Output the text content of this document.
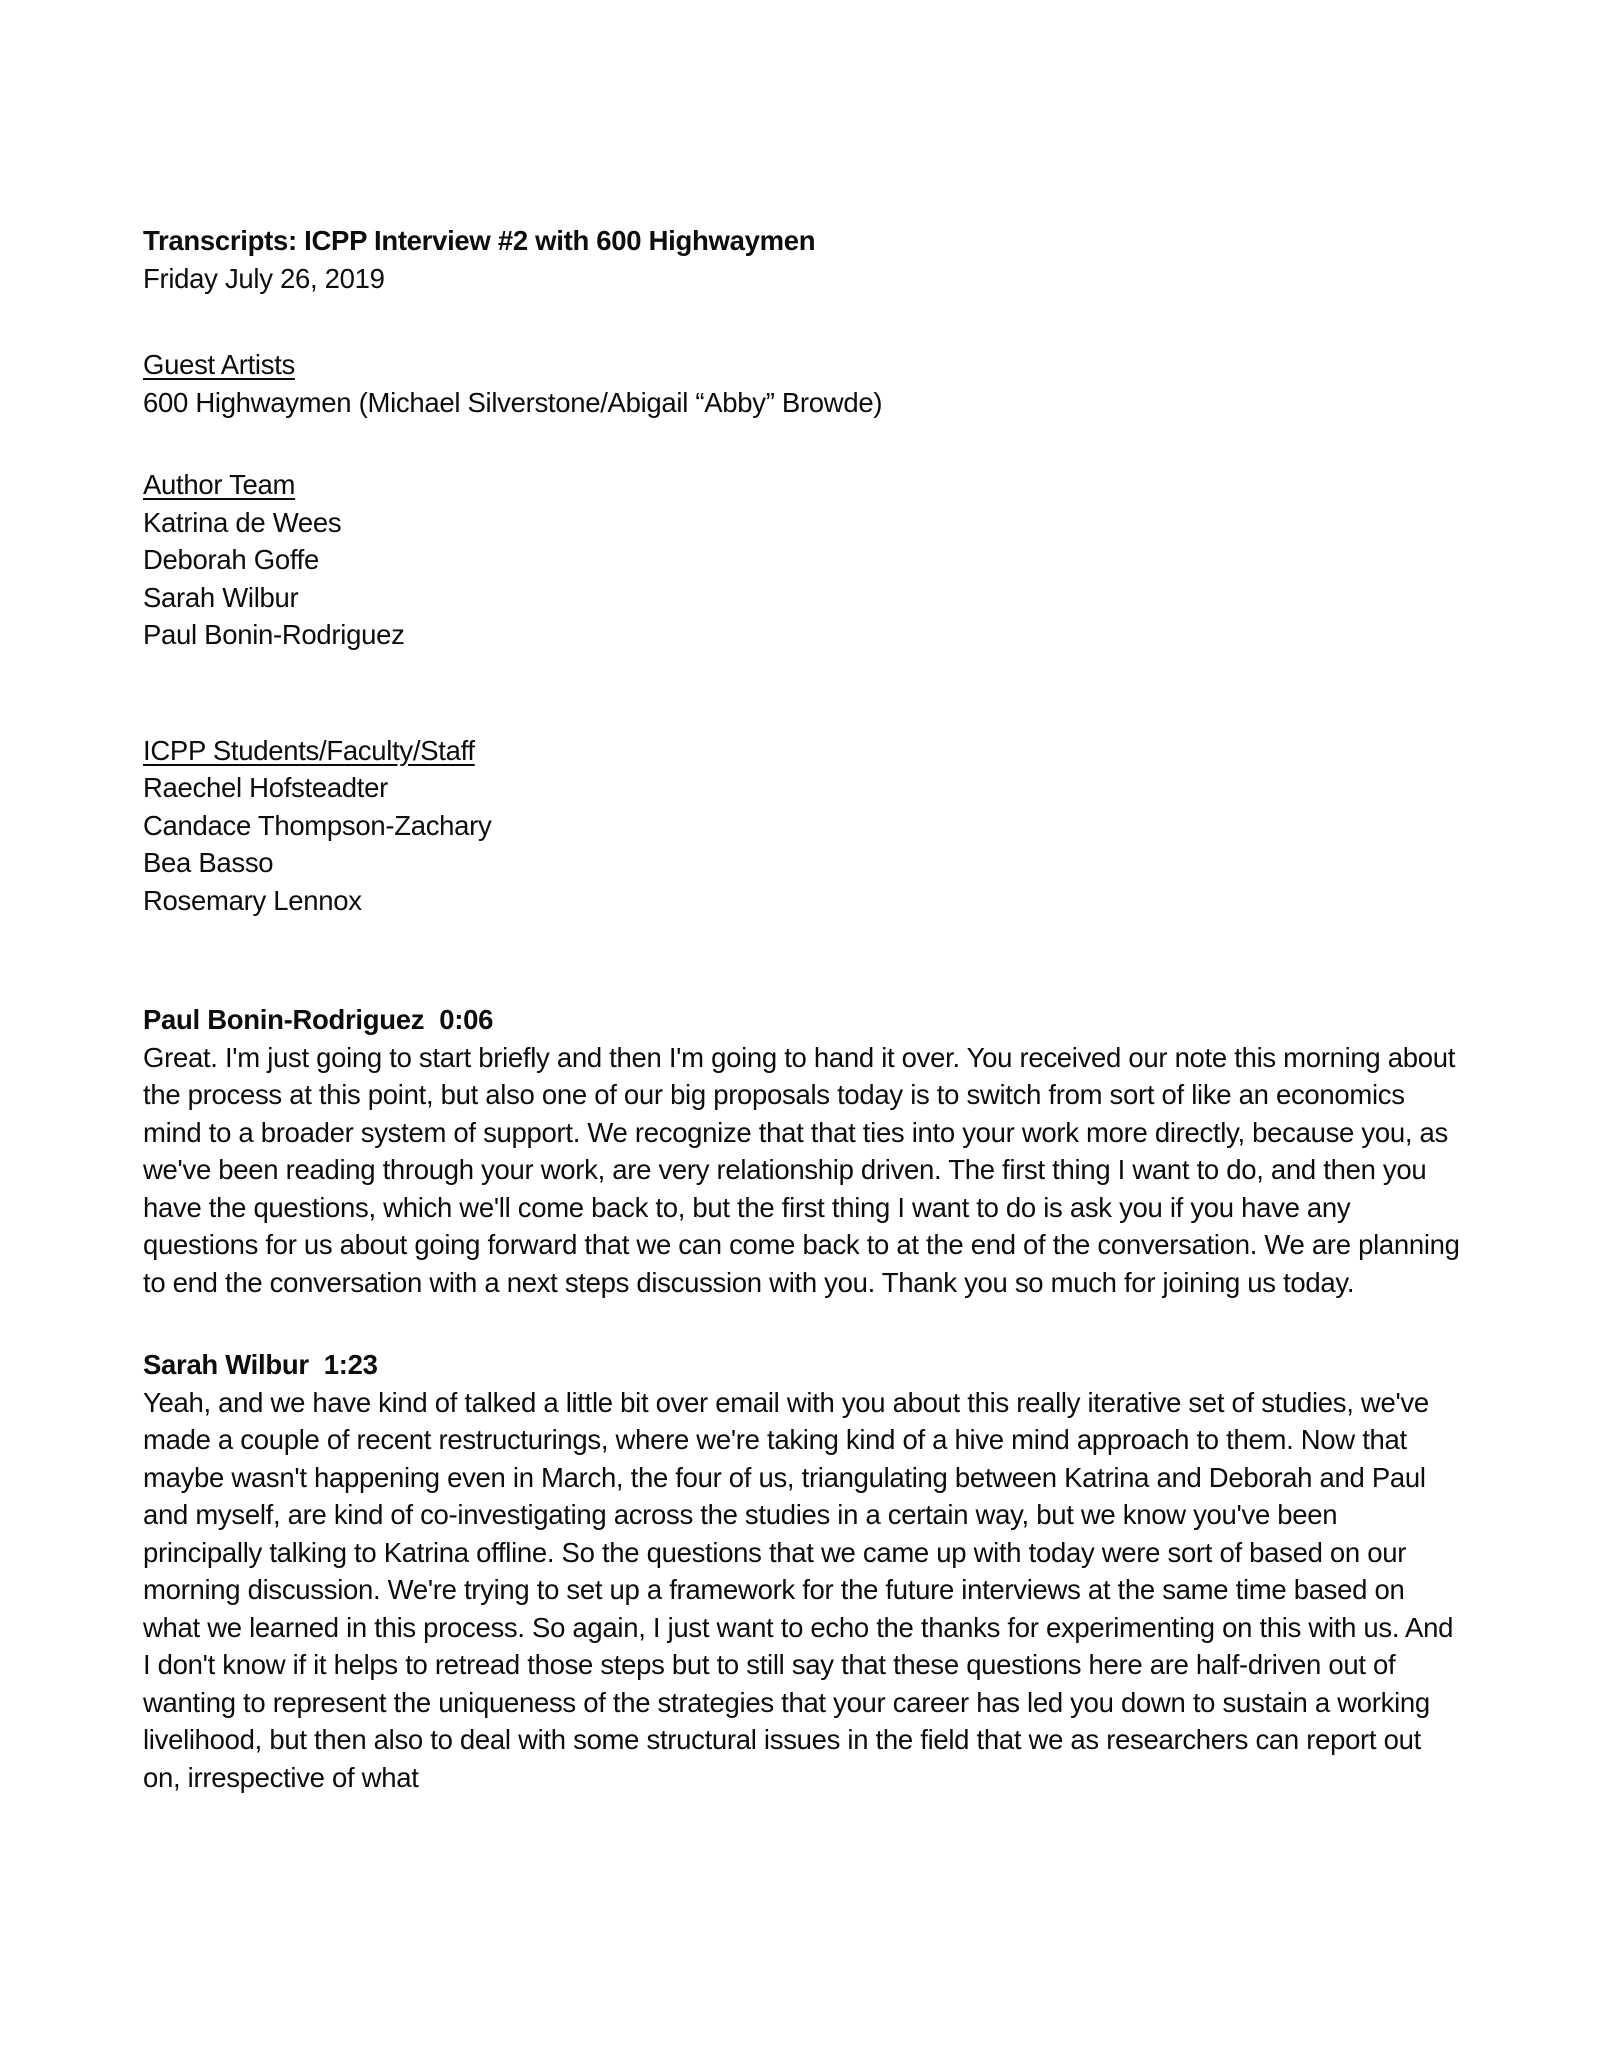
Transcripts: ICPP Interview #2 with 600 Highwaymen
Friday July 26, 2019
Guest Artists
600 Highwaymen (Michael Silverstone/Abigail “Abby” Browde)
Author Team
Katrina de Wees
Deborah Goffe
Sarah Wilbur
Paul Bonin-Rodriguez
ICPP Students/Faculty/Staff
Raechel Hofsteadter
Candace Thompson-Zachary
Bea Basso
Rosemary Lennox
Paul Bonin-Rodriguez 0:06
Great. I'm just going to start briefly and then I'm going to hand it over. You received our note this morning about the process at this point, but also one of our big proposals today is to switch from sort of like an economics mind to a broader system of support. We recognize that that ties into your work more directly, because you, as we've been reading through your work, are very relationship driven. The first thing I want to do, and then you have the questions, which we'll come back to, but the first thing I want to do is ask you if you have any questions for us about going forward that we can come back to at the end of the conversation. We are planning to end the conversation with a next steps discussion with you. Thank you so much for joining us today.
Sarah Wilbur 1:23
Yeah, and we have kind of talked a little bit over email with you about this really iterative set of studies, we've made a couple of recent restructurings, where we're taking kind of a hive mind approach to them. Now that maybe wasn't happening even in March, the four of us, triangulating between Katrina and Deborah and Paul and myself, are kind of co-investigating across the studies in a certain way, but we know you've been principally talking to Katrina offline. So the questions that we came up with today were sort of based on our morning discussion. We're trying to set up a framework for the future interviews at the same time based on what we learned in this process. So again, I just want to echo the thanks for experimenting on this with us. And I don't know if it helps to retread those steps but to still say that these questions here are half-driven out of wanting to represent the uniqueness of the strategies that your career has led you down to sustain a working livelihood, but then also to deal with some structural issues in the field that we as researchers can report out on, irrespective of what
